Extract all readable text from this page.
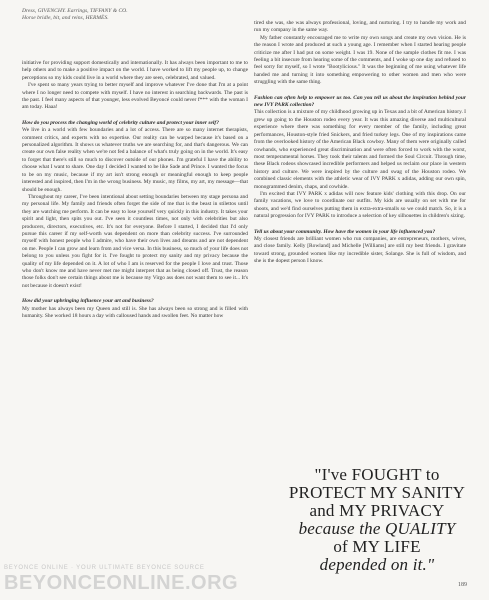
Dress, GIVENCHY. Earrings, TIFFANY & CO.
Horse bridle, bit, and reins, HERMÈS.

initiative for providing support domestically and internationally. It has always been important to me to help others and to make a positive impact on the world. I have worked to lift my people up, to change perceptions so my kids could live in a world where they are seen, celebrated, and valued.

I've spent so many years trying to better myself and improve whatever I've done that I'm at a point where I no longer need to compete with myself. I have no interest in searching backwards. The past is the past. I feel many aspects of that younger, less evolved Beyoncé could never f*** with the woman I am today. Haaa!

How do you process the changing world of celebrity culture and protect your inner self?

We live in a world with few boundaries and a lot of access. There are so many internet therapists, comment critics, and experts with no expertise. Our reality can be warped because it's based on a personalized algorithm. It shows us whatever truths we are searching for, and that's dangerous. We can create our own false reality when we're not fed a balance of what's truly going on in the world. It's easy to forget that there's still so much to discover outside of our phones. I'm grateful I have the ability to choose what I want to share. One day I decided I wanted to be like Sade and Prince. I wanted the focus to be on my music, because if my art isn't strong enough or meaningful enough to keep people interested and inspired, then I'm in the wrong business. My music, my films, my art, my message—that should be enough.

Throughout my career, I've been intentional about setting boundaries between my stage persona and my personal life. My family and friends often forget the side of me that is the beast in stilettos until they are watching me perform. It can be easy to lose yourself very quickly in this industry. It takes your spirit and light, then spits you out. I've seen it countless times, not only with celebrities but also producers, directors, executives, etc. It's not for everyone. Before I started, I decided that I'd only pursue this career if my self-worth was dependent on more than celebrity success. I've surrounded myself with honest people who I admire, who have their own lives and dreams and are not dependent on me. People I can grow and learn from and vice versa. In this business, so much of your life does not belong to you unless you fight for it. I've fought to protect my sanity and my privacy because the quality of my life depended on it. A lot of who I am is reserved for the people I love and trust. Those who don't know me and have never met me might interpret that as being closed off. Trust, the reason those folks don't see certain things about me is because my Virgo ass does not want them to see it... It's not because it doesn't exist!

How did your upbringing influence your art and business?

My mother has always been my Queen and still is. She has always been so strong and is filled with humanity. She worked 18 hours a day with calloused hands and swollen feet. No matter how

tired she was, she was always professional, loving, and nurturing. I try to handle my work and run my company in the same way.

My father constantly encouraged me to write my own songs and create my own vision. He is the reason I wrote and produced at such a young age. I remember when I started hearing people criticize me after I had put on some weight. I was 19. None of the sample clothes fit me. I was feeling a bit insecure from hearing some of the comments, and I woke up one day and refused to feel sorry for myself, so I wrote "Bootylicious." It was the beginning of me using whatever life handed me and turning it into something empowering to other women and men who were struggling with the same thing.

Fashion can often help to empower us too. Can you tell us about the inspiration behind your new IVY PARK collection?

This collection is a mixture of my childhood growing up in Texas and a bit of American history. I grew up going to the Houston rodeo every year. It was this amazing diverse and multicultural experience where there was something for every member of the family, including great performances, Houston-style fried Snickers, and fried turkey legs. One of my inspirations came from the overlooked history of the American Black cowboy. Many of them were originally called cowhands, who experienced great discrimination and were often forced to work with the worst, most temperamental horses. They took their talents and formed the Soul Circuit. Through time, these Black rodeos showcased incredible performers and helped us reclaim our place in western history and culture. We were inspired by the culture and swag of the Houston rodeo. We combined classic elements with the athletic wear of IVY PARK x adidas, adding our own spin, monogrammed denim, chaps, and cowhide.

I'm excited that IVY PARK x adidas will now feature kids' clothing with this drop. On our family vacations, we love to coordinate our outfits. My kids are usually on set with me for shoots, and we'd find ourselves putting them in extra-extra-smalls so we could match. So, it is a natural progression for IVY PARK to introduce a selection of key silhouettes in children's sizing.

Tell us about your community. How have the women in your life influenced you?

My closest friends are brilliant women who run companies, are entrepreneurs, mothers, wives, and close family. Kelly [Rowland] and Michelle [Williams] are still my best friends. I gravitate toward strong, grounded women like my incredible sister, Solange. She is full of wisdom, and she is the dopest person I know.

"I've FOUGHT to
PROTECT MY SANITY
and MY PRIVACY
because the QUALITY
of MY LIFE
depended on it."
189
BEYONCE ONLINE · YOUR ULTIMATE BEYONCE SOURCE
BEYONCEONLINE.ORG
